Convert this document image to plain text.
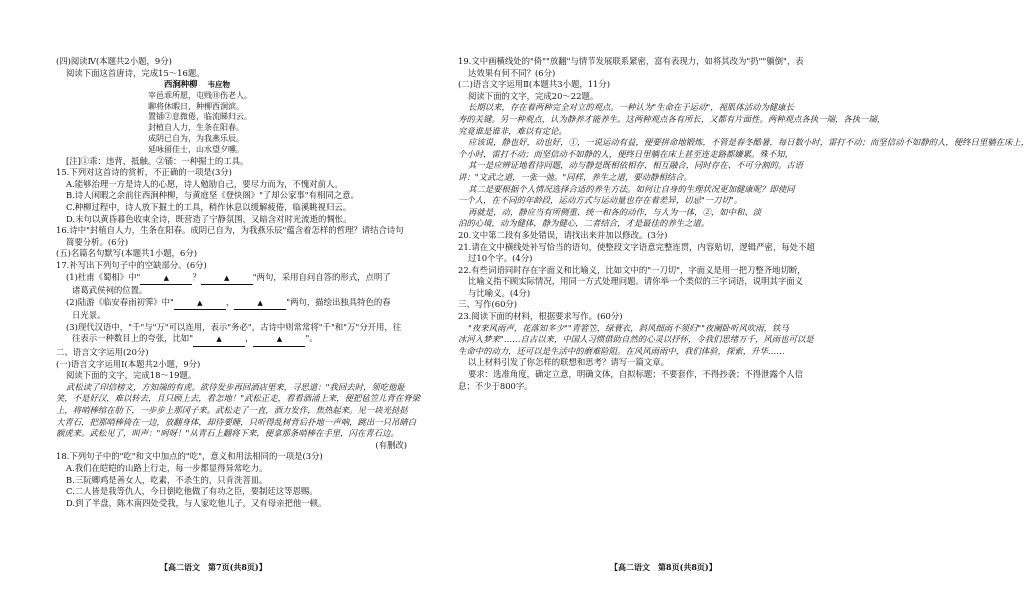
(四)阅读Ⅳ(本题共2小题，9分)
阅读下面这首唐诗，完成15～16题。
西涧种柳 韦应物
宰邑乖所愿，屯贱⑩伤老人。
聊将休暇日，种柳西涧滨。
置锸②息微倦，临流睇归云。
封植自人力，生条在阳春。
成阴已自为，为我燕乐辰。
延咏留佳士，山水望夕曛。
[注]①乖：违背，抵触。②锸：一种掘土的工具。
15.下列对这首诗的赏析，不正确的一项是(3分)
A.能够治理一方是诗人的心愿，诗人勉励自己，要尽力而为，不愧对前人。
B.诗人闲暇之余前往西涧种柳，与黄庭坚《登快阁》"了却公家事"有相同之意。
C.种柳过程中，诗人放下掘土的工具，稍作休息以缓解疲倦，临溪眺视归云。
D.末句以黄昏暮色收束全诗，既营造了宁静氛围，又暗含对时光流逝的惆怅。
16.诗中"封植自人力，生条在阳春。成阴已自为，为我燕乐辰"蕴含着怎样的哲理？请结合诗句
简要分析。(6分)
(五)名篇名句默写(本题共1小题，6分)
17.补写出下列句子中的空缺部分。(6分)
(1)杜甫《蜀相》中"	▲	？	▲	"两句，采用自问自答的形式，点明了
诸葛武侯祠的位置。
(2)陆游《临安春雨初霁》中"	▲	，	▲	"两句，描绘出独具特色的春
日光景。
(3)现代汉语中，"千"与"万"可以连用，表示"务必"，古诗中则常常将"千"和"万"分开用，往
往表示一种数目上的夸张，比如"	▲	，	▲	"。
二、语言文字运用(20分)
(一)语言文字运用Ⅰ(本题共2小题，9分)
阅读下面的文字，完成18～19题。
武松读了印信榜文，方知端的有虎。欲待发步再回酒店里来，寻思道："我回去时，须吃他耻
笑，不是好汉，难以转去，且只顾上去，看怎地！"武松正走，看看酒涌上来，便把毡笠儿背在脊梁
上，将哨棒绾在肋下，一步步上那冈子来。武松走了一直，酒力发作，焦热起来。见一块光挞挞
大青石，把那哨棒倚在一边，放翻身体，却待要睡，只听得乱树背后扑地一声响，跳出一只吊睛白
额虎来。武松见了，叫声："呵呀！"从青石上翻将下来，便拿那条哨棒在手里，闪在青石边。
(有删改)
18.下列句子中的"吃"和文中加点的"吃"，意义和用法相同的一项是(3分)
A.我们在皑皑的山路上行走，每一步都显得异常吃力。
B.三阮卿鸡是善女人，吃素，不杀生的，只肯洗菩皿。
C.二人皆是我等仇人，今日倒吃他做了有功之臣，要制廷这等恩赐。
D.到了半盘，陈木南四处受我，与人家吃他儿子，又有母亲把他一顿。
19.文中画横线处的"倚""放翻"与情节发展联系紧密，富有表现力，如将其改为"扔""躺倒"，表
达效果有何不同？(6分)
(二)语言文字运用Ⅱ(本题共3小题，11分)
阅读下面的文字，完成20～22题。
长期以来，存在着两种完全对立的观点。一种认为"生命在于运动"，视肌体活动为健康长
寿的关键。另一种观点，认为静养才能养生。这两种观点各有所长，又都有片面性。两种观点各执一端，各执一端，
究竟谁是谁非，难以有定论。
应该说，静也好，动也好，①，一说运动有益，便要拼命地锻炼，不管是春冬酷暑，每日数小时，雷打不动；而坚信动不如静的人，便终日里躺在床上，
个小时，雷打不动；而坚信动不如静的人，便终日里躺在床上甚至连走路都嫌累。殊不知，
其一是应辨证地看待问题，动与静是既相依相存、相互融合，同时存在、不可分割的。古语
讲："文武之道，一张一弛。"同样，养生之道，要动静相结合。
其二是要根据个人情况选择合适的养生方法。如何让自身的生理状况更加健康呢？即使同
一个人，在不同的年龄段，运动方式与运动量也存在着差异，切忌"一刀切"。
再就是，动，静应当有所侧重、统一和各的动作，与人为一体，②，如中和、淡
泊的心境，动为健体，静为健心，二者结合，才是最佳的养生之道。
20.文中第二段有多处错误，请找出来并加以修改。(3分)
21.请在文中横线处补写恰当的语句，使整段文字语意完整连贯，内容贴切，逻辑严密，每处不超
过10个字。(4分)
22.有些词语同时存在字面义和比喻义，比如文中的"一刀切"，字面义是用一把刀整齐地切断，
比喻义指不顾实际情况，用同一方式处理问题。请你举一个类似的三字词语，说明其字面义
与比喻义。(4分)
三、写作(60分)
23.阅读下面的材料，根据要求写作。(60分)
"夜来风雨声，花落知多少""青箬笠，绿蓑衣，斜风细雨不须归""夜阑卧听风吹雨，铁马
冰河入梦来"……自古以来，中国人习惯借助自然的心灵以抒怀，令我们思绪万千，风雨也可以是
生命中的动力，还可以是生活中的磨难险阻。在风风雨雨中，我们体验，探索，升华……
以上材料引发了你怎样的联想和思考？请写一篇文章。
要求：选准角度，确定立意，明确文体，自拟标题；不要套作，不得抄袭；不得泄露个人信
息；不少于800字。
【高二语文　第7页(共8页)】	【高二语文　第8页(共8页)】
